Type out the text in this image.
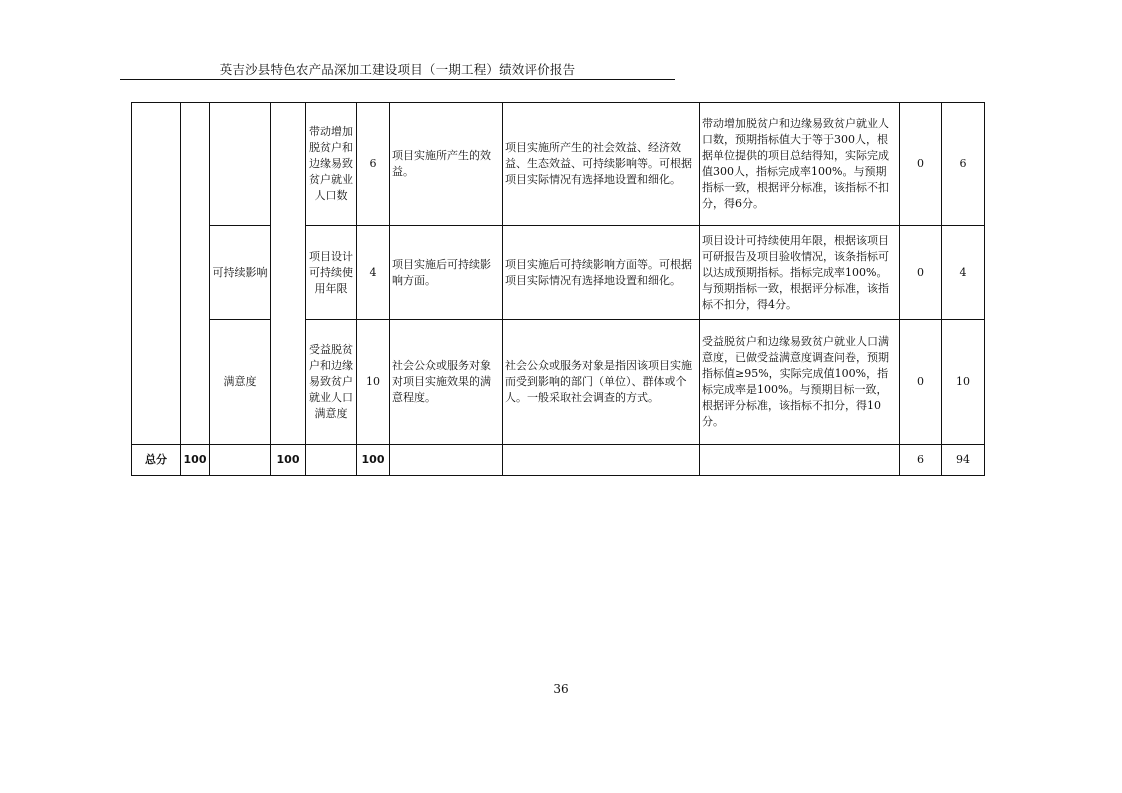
英吉沙县特色农产品深加工建设项目（一期工程）绩效评价报告
				带动增加脱贫户和边缘易致贫户就业人口数	6	项目实施所产生的效益。	项目实施所产生的社会效益、经济效益、生态效益、可持续影响等。可根据项目实际情况有选择地设置和细化。	带动增加脱贫户和边缘易致贫户就业人口数，预期指标值大于等于300人，根据单位提供的项目总结得知，实际完成值300人，指标完成率100%。与预期指标一致，根据评分标准，该指标不扣分，得6分。	0	6
		可持续影响		项目设计可持续使用年限	4	项目实施后可持续影响方面。	项目实施后可持续影响方面等。可根据项目实际情况有选择地设置和细化。	项目设计可持续使用年限，根据该项目可研报告及项目验收情况，该条指标可以达成预期指标。指标完成率100%。与预期指标一致，根据评分标准，该指标不扣分，得4分。	0	4
		满意度		受益脱贫户和边缘易致贫户就业人口满意度	10	社会公众或服务对象对项目实施效果的满意程度。	社会公众或服务对象是指因该项目实施而受到影响的部门（单位）、群体或个人。一般采取社会调查的方式。	受益脱贫户和边缘易致贫户就业人口满意度，已做受益满意度调查问卷，预期指标值≥95%，实际完成值100%，指标完成率是100%。与预期目标一致，根据评分标准，该指标不扣分，得10分。	0	10
总分	100		100		100				6	94
36
